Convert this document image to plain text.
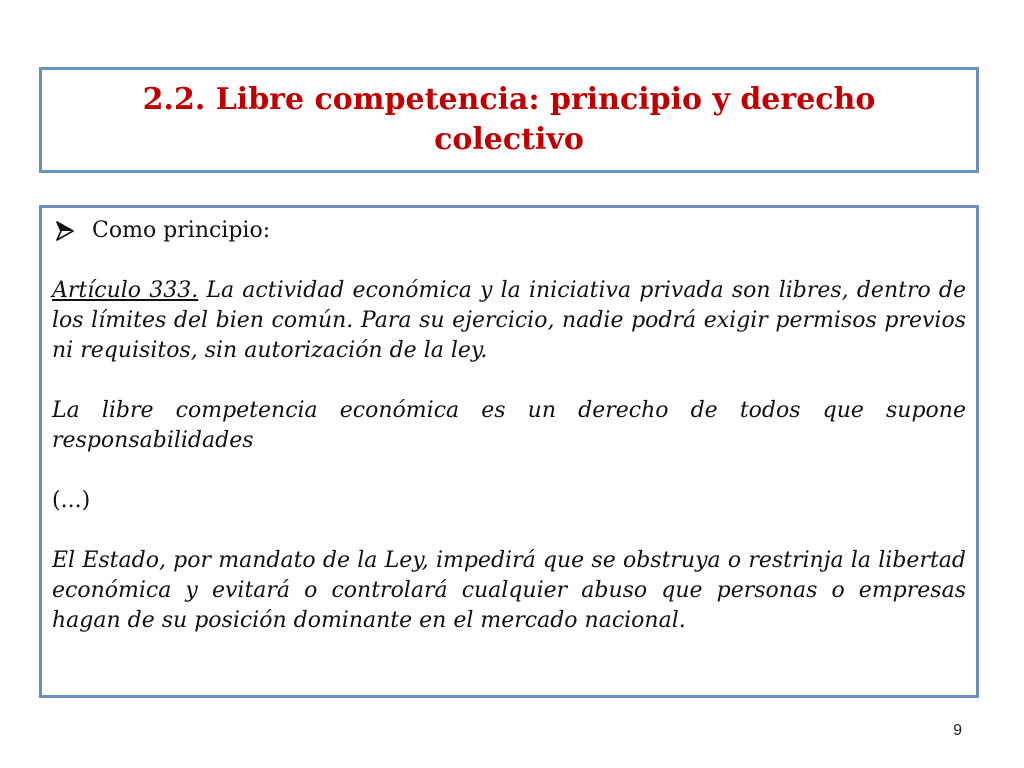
2.2. Libre competencia: principio y derecho colectivo
Como principio:

Artículo 333. La actividad económica y la iniciativa privada son libres, dentro de los límites del bien común. Para su ejercicio, nadie podrá exigir permisos previos ni requisitos, sin autorización de la ley.

La libre competencia económica es un derecho de todos que supone responsabilidades

(...)

El Estado, por mandato de la Ley, impedirá que se obstruya o restrinja la libertad económica y evitará o controlará cualquier abuso que personas o empresas hagan de su posición dominante en el mercado nacional.

9
